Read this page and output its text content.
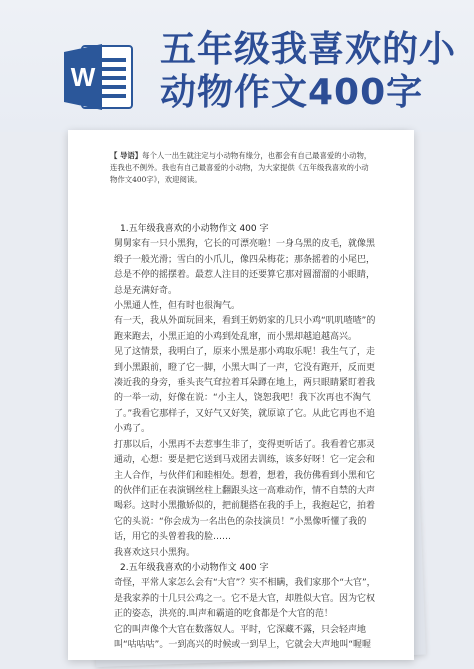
W
五年级我喜欢的小动物作文400字
【 导语】每个人一出生就注定与小动物有缘分，也都会有自己最喜爱的小动物，连我也不例外。我也有自己最喜爱的小动物，为大家提供《五年级我喜欢的小动物作文400字》，欢迎阅读。

1.五年级我喜欢的小动物作文 400 字

舅舅家有一只小黑狗，它长的可漂亮啦！一身乌黑的皮毛，就像黑缎子一般光滑；雪白的小爪儿，像四朵梅花；那条摇着的小尾巴，总是不停的摇摆着。最惹人注目的还要算它那对圆溜溜的小眼睛，总是充满好奇。

小黑通人性，但有时也很淘气。

有一天，我从外面玩回来，看到王奶奶家的几只小鸡“叽叽喳喳”的跑来跑去，小黑正追的小鸡到处乱窜，而小黑却越追越高兴。

见了这情景，我明白了，原来小黑是那小鸡取乐呢！我生气了，走到小黑跟前，瞪了它一脚，小黑大叫了一声，它没有跑开，反而更凑近我的身旁，垂头丧气耷拉着耳朵蹲在地上，两只眼睛紧盯着我的一举一动，好像在说：“小主人，饶恕我吧！我下次再也不淘气了。”我看它那样子，又好气又好笑，就原谅了它。从此它再也不追小鸡了。

打那以后，小黑再不去惹事生非了，变得更听话了。我看着它那灵通动，心想：要是把它送到马戏团去训练，该多好呀！它一定会和主人合作，与伙伴们和睦相处。想着，想着，我仿佛看到小黑和它的伙伴们正在表演钢丝柱上翻跟头这一高难动作，情不自禁的大声喝彩。这时小黑撒娇似的，把前腿搭在我的手上，我抱起它，拍着它的头说：“你会成为一名出色的杂技演员！”小黑像听懂了我的话，用它的头曾着我的脸……

我喜欢这只小黑狗。

2.五年级我喜欢的小动物作文 400 字

奇怪，平常人家怎么会有“大官”？实不相瞒，我们家那个“大官”，是我家养的十几只公鸡之一。它不是大官，却胜似大官。因为它权正的姿态，洪亮的.叫声和霸道的吃食都是个大官的范！

它的叫声像个大官在数落奴人。平时，它深藏不露，只会轻声地叫“咕咕咕”。一到高兴的时候或一到早上，它就会大声地叫“喔喔
